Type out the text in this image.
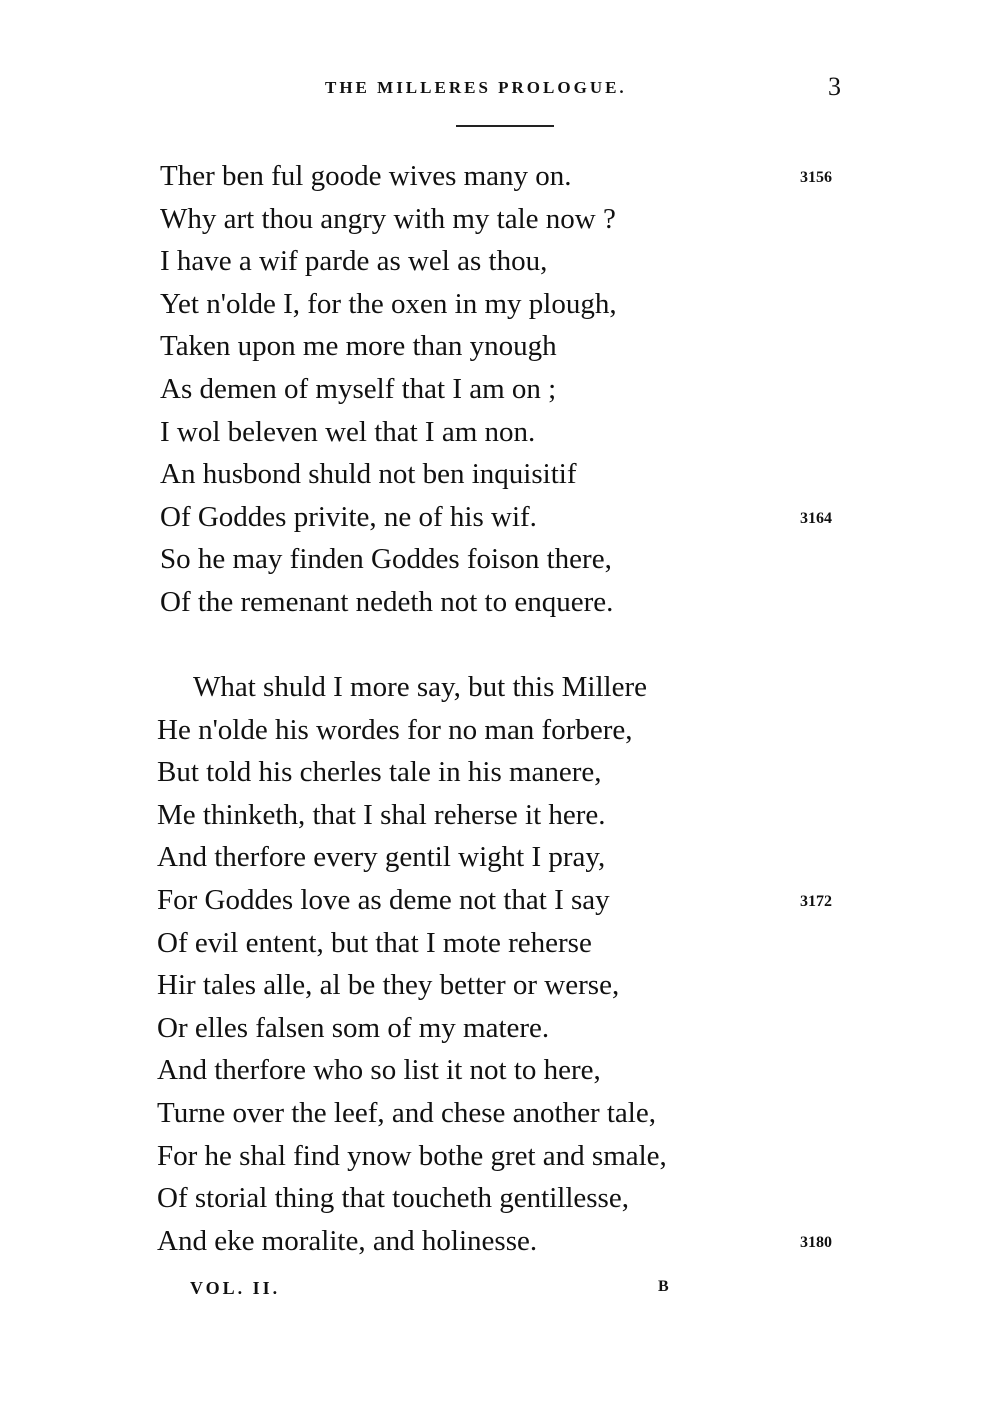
THE MILLERES PROLOGUE.	3
Ther ben ful goode wives many on.	3156
Why art thou angry with my tale now ?
I have a wif parde as wel as thou,
Yet n'olde I, for the oxen in my plough,
Taken upon me more than ynough
As demen of myself that I am on ;
I wol beleven wel that I am non.
An husbond shuld not ben inquisitif
Of Goddes privite, ne of his wif.	3164
So he may finden Goddes foison there,
Of the remenant nedeth not to enquere.
What shuld I more say, but this Millere
He n'olde his wordes for no man forbere,
But told his cherles tale in his manere,
Me thinketh, that I shal reherse it here.
And therfore every gentil wight I pray,
For Goddes love as deme not that I say	3172
Of evil entent, but that I mote reherse
Hir tales alle, al be they better or werse,
Or elles falsen som of my matere.
And therfore who so list it not to here,
Turne over the leef, and chese another tale,
For he shal find ynow bothe gret and smale,
Of storial thing that toucheth gentillesse,
And eke moralite, and holinesse.	3180
VOL. II.	B
